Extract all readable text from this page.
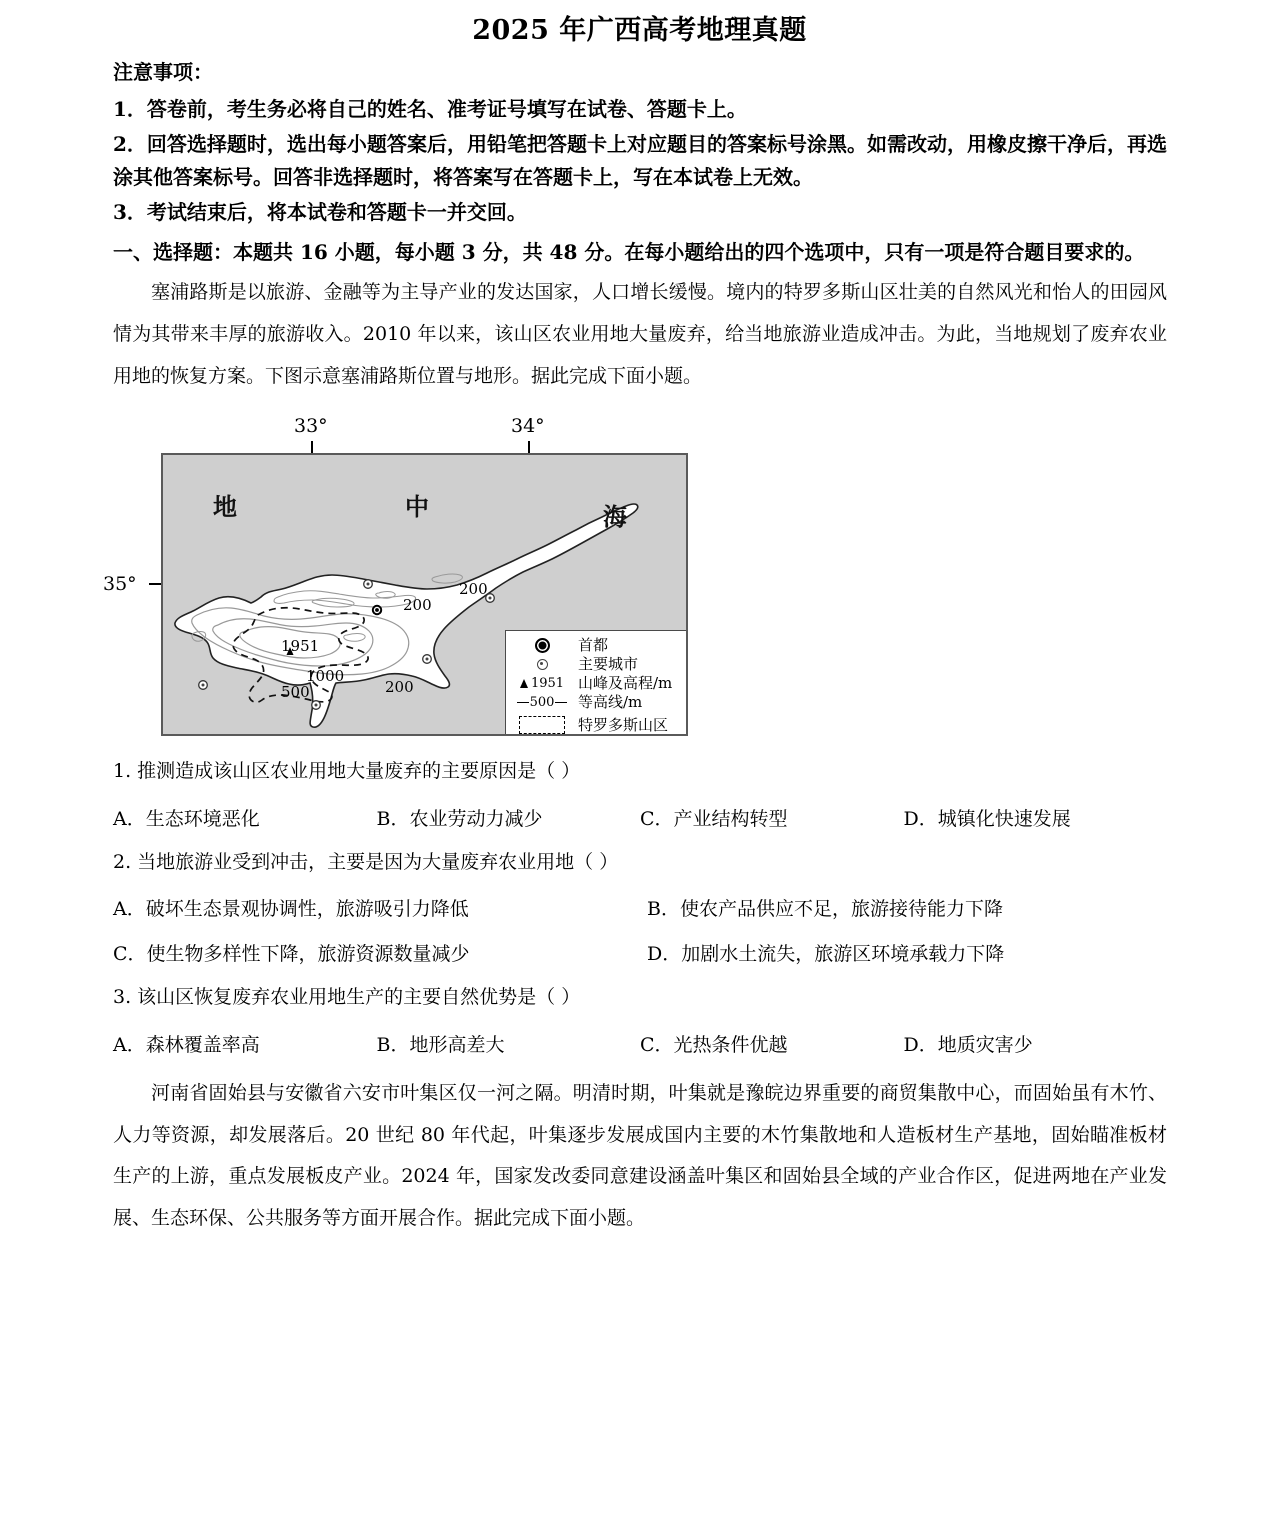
2025 年广西高考地理真题
注意事项：
1．答卷前，考生务必将自己的姓名、准考证号填写在试卷、答题卡上。
2．回答选择题时，选出每小题答案后，用铅笔把答题卡上对应题目的答案标号涂黑。如需改动，用橡皮擦干净后，再选涂其他答案标号。回答非选择题时，将答案写在答题卡上，写在本试卷上无效。
3．考试结束后，将本试卷和答题卡一并交回。
一、选择题：本题共 16 小题，每小题 3 分，共 48 分。在每小题给出的四个选项中，只有一项是符合题目要求的。
塞浦路斯是以旅游、金融等为主导产业的发达国家，人口增长缓慢。境内的特罗多斯山区壮美的自然风光和怡人的田园风情为其带来丰厚的旅游收入。2010 年以来，该山区农业用地大量废弃，给当地旅游业造成冲击。为此，当地规划了废弃农业用地的恢复方案。下图示意塞浦路斯位置与地形。据此完成下面小题。
33°	34°
35°
地	中	海
200
200
200
1000
500
1951	首都
主要城市
1951 山峰及高程/m
500 等高线/m
特罗多斯山区
1. 推测造成该山区农业用地大量废弃的主要原因是（ ）
A．生态环境恶化	B．农业劳动力减少	C．产业结构转型	D．城镇化快速发展
2. 当地旅游业受到冲击，主要是因为大量废弃农业用地（ ）
A．破坏生态景观协调性，旅游吸引力降低	B．使农产品供应不足，旅游接待能力下降
C．使生物多样性下降，旅游资源数量减少	D．加剧水土流失，旅游区环境承载力下降
3. 该山区恢复废弃农业用地生产的主要自然优势是（ ）
A．森林覆盖率高	B．地形高差大	C．光热条件优越	D．地质灾害少
河南省固始县与安徽省六安市叶集区仅一河之隔。明清时期，叶集就是豫皖边界重要的商贸集散中心，而固始虽有木竹、人力等资源，却发展落后。20 世纪 80 年代起，叶集逐步发展成国内主要的木竹集散地和人造板材生产基地，固始瞄准板材生产的上游，重点发展板皮产业。2024 年，国家发改委同意建设涵盖叶集区和固始县全域的产业合作区，促进两地在产业发展、生态环保、公共服务等方面开展合作。据此完成下面小题。
